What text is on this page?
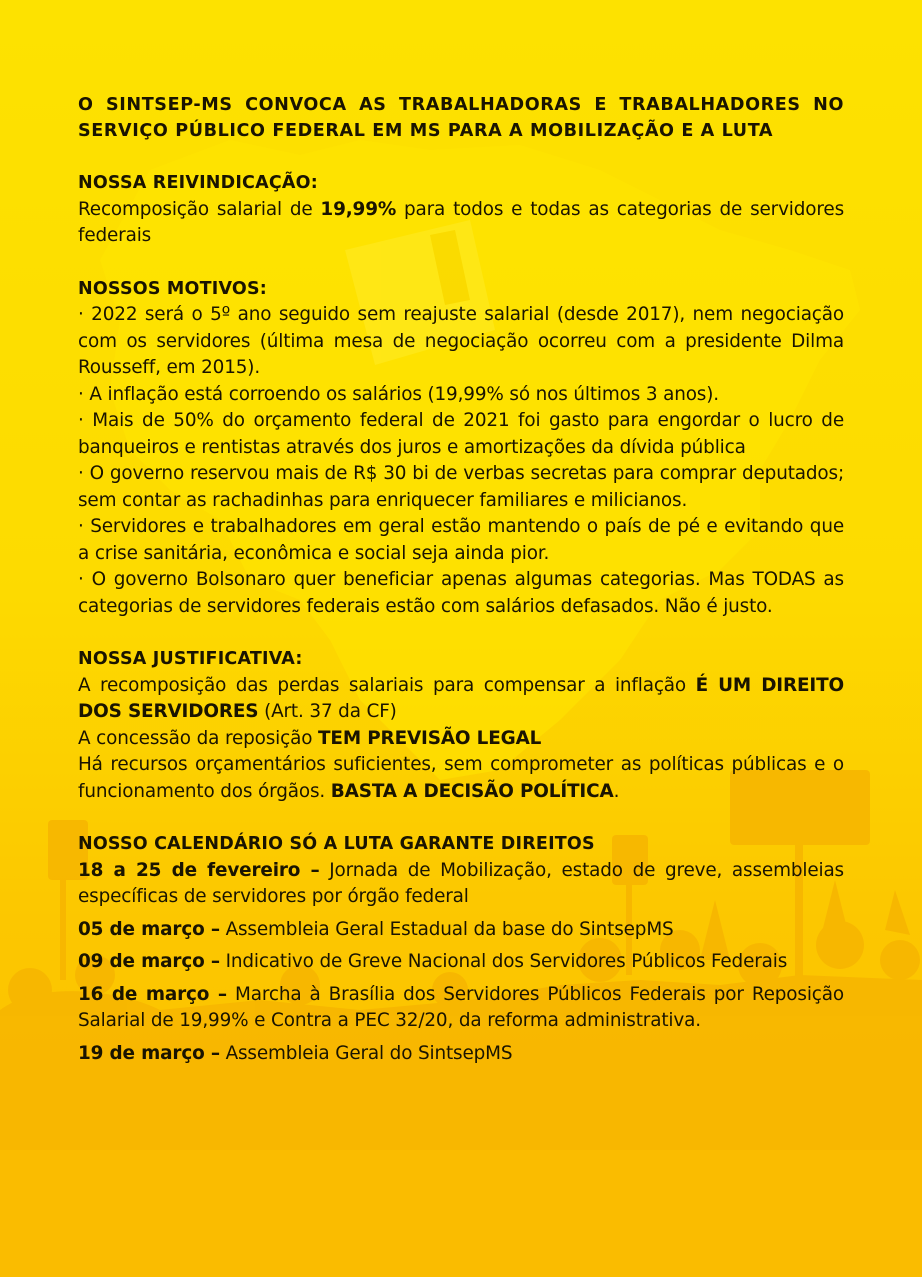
O SINTSEP-MS CONVOCA AS TRABALHADORAS E TRABALHADORES NO SERVIÇO PÚBLICO FEDERAL EM MS PARA A MOBILIZAÇÃO E A LUTA

NOSSA REIVINDICAÇÃO:

Recomposição salarial de 19,99% para todos e todas as categorias de servidores federais

NOSSOS MOTIVOS:

· 2022 será o 5º ano seguido sem reajuste salarial (desde 2017), nem negociação com os servidores (última mesa de negociação ocorreu com a presidente Dilma Rousseff, em 2015).

· A inflação está corroendo os salários (19,99% só nos últimos 3 anos).

· Mais de 50% do orçamento federal de 2021 foi gasto para engordar o lucro de banqueiros e rentistas através dos juros e amortizações da dívida pública

· O governo reservou mais de R$ 30 bi de verbas secretas para comprar deputados; sem contar as rachadinhas para enriquecer familiares e milicianos.

· Servidores e trabalhadores em geral estão mantendo o país de pé e evitando que a crise sanitária, econômica e social seja ainda pior.

· O governo Bolsonaro quer beneficiar apenas algumas categorias. Mas TODAS as categorias de servidores federais estão com salários defasados. Não é justo.

NOSSA JUSTIFICATIVA:

A recomposição das perdas salariais para compensar a inflação É UM DIREITO DOS SERVIDORES (Art. 37 da CF)

A concessão da reposição TEM PREVISÃO LEGAL

Há recursos orçamentários suficientes, sem comprometer as políticas públicas e o funcionamento dos órgãos. BASTA A DECISÃO POLÍTICA.

NOSSO CALENDÁRIO SÓ A LUTA GARANTE DIREITOS

18 a 25 de fevereiro – Jornada de Mobilização, estado de greve, assembleias específicas de servidores por órgão federal

05 de março – Assembleia Geral Estadual da base do SintsepMS

09 de março – Indicativo de Greve Nacional dos Servidores Públicos Federais

16 de março – Marcha à Brasília dos Servidores Públicos Federais por Reposição Salarial de 19,99% e Contra a PEC 32/20, da reforma administrativa.

19 de março – Assembleia Geral do SintsepMS
